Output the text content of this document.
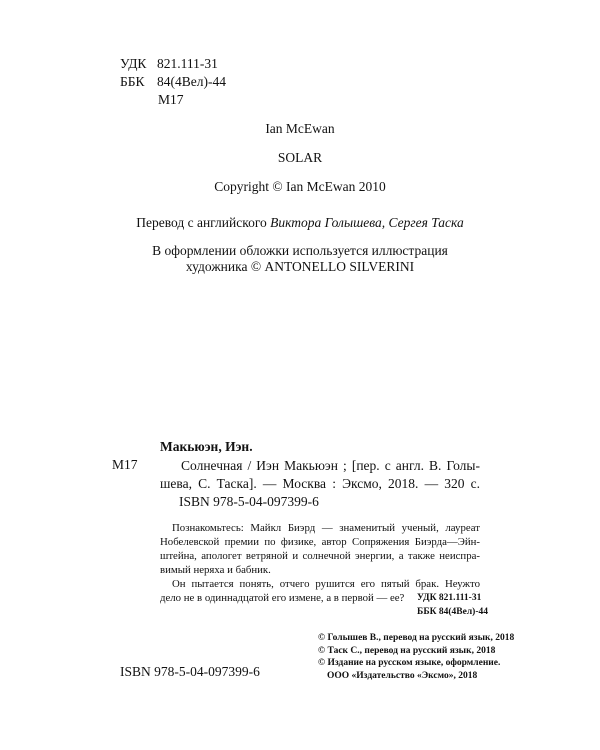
УДК 821.111-31
ББК 84(4Вел)-44
М17
Ian McEwan
SOLAR
Copyright © Ian McEwan 2010
Перевод с английского Виктора Голышева, Сергея Таска
В оформлении обложки используется иллюстрация
художника © ANTONELLO SILVERINI
Макьюэн, Иэн.
М17	Солнечная / Иэн Макьюэн ; [пер. с англ. В. Голы-
шева, С. Таска]. — Москва : Эксмо, 2018. — 320 с.
ISBN 978-5-04-097399-6
Познакомьтесь: Майкл Биэрд — знаменитый ученый, лауреат
Нобелевской премии по физике, автор Сопряжения Биэрда—Эйн-
штейна, апологет ветряной и солнечной энергии, а также неиспра-
вимый неряха и бабник.
Он пытается понять, отчего рушится его пятый брак. Неужто
дело не в одиннадцатой его измене, а в первой — ее?	УДК 821.111-31
ББК 84(4Вел)-44
© Голышев В., перевод на русский язык, 2018
© Таск С., перевод на русский язык, 2018
© Издание на русском языке, оформление.
ООО «Издательство «Эксмо», 2018
ISBN 978-5-04-097399-6
